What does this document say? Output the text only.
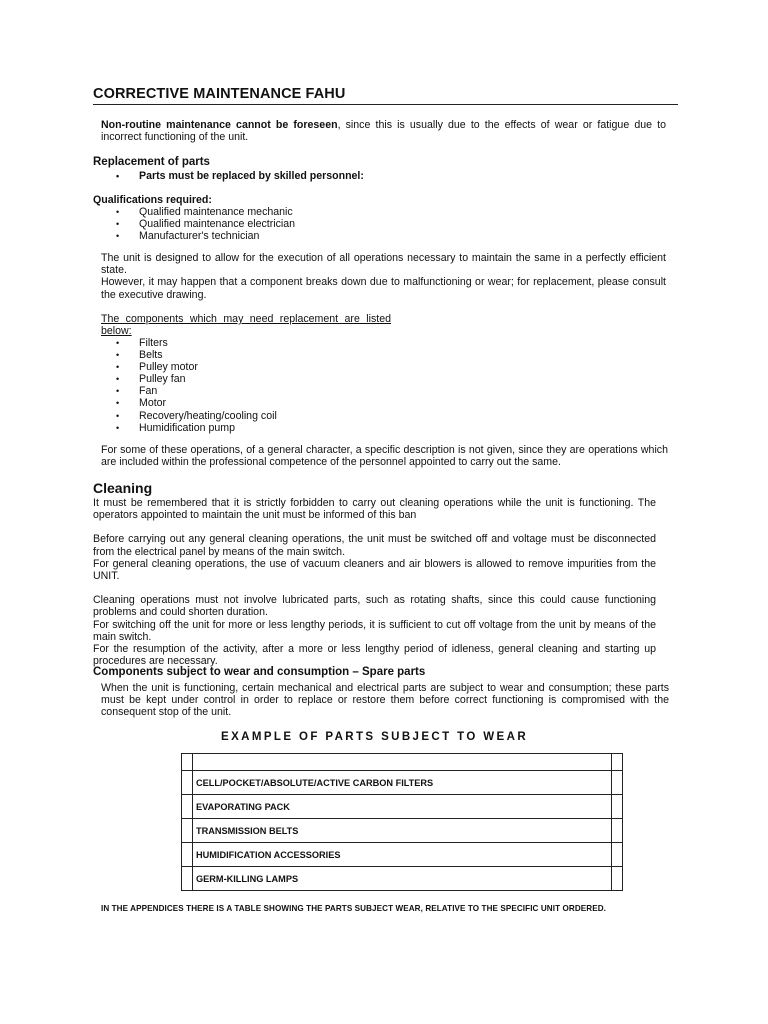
CORRECTIVE MAINTENANCE FAHU

Non-routine maintenance cannot be foreseen, since this is usually due to the effects of wear or fatigue due to incorrect functioning of the unit.

Replacement of parts
• Parts must be replaced by skilled personnel:
Qualifications required:
• Qualified maintenance mechanic
• Qualified maintenance electrician
• Manufacturer's technician

The unit is designed to allow for the execution of all operations necessary to maintain the same in a perfectly efficient state.

However, it may happen that a component breaks down due to malfunctioning or wear; for replacement, please consult the executive drawing.

The components which may need replacement are listed below:
• Filters
• Belts
• Pulley motor
• Pulley fan
• Fan
• Motor
• Recovery/heating/cooling coil
• Humidification pump
For some of these operations, of a general character, a specific description is not given, since they are operations which are included within the professional competence of the personnel appointed to carry out the same.
Cleaning

It must be remembered that it is strictly forbidden to carry out cleaning operations while the unit is functioning. The operators appointed to maintain the unit must be informed of this ban

Before carrying out any general cleaning operations, the unit must be switched off and voltage must be disconnected from the electrical panel by means of the main switch.

For general cleaning operations, the use of vacuum cleaners and air blowers is allowed to remove impurities from the UNIT.

Cleaning operations must not involve lubricated parts, such as rotating shafts, since this could cause functioning problems and could shorten duration.

For switching off the unit for more or less lengthy periods, it is sufficient to cut off voltage from the unit by means of the main switch.

For the resumption of the activity, after a more or less lengthy period of idleness, general cleaning and starting up procedures are necessary.

Components subject to wear and consumption – Spare parts
When the unit is functioning, certain mechanical and electrical parts are subject to wear and consumption; these parts must be kept under control in order to replace or restore them before correct functioning is compromised with the consequent stop of the unit.
EXAMPLE OF PARTS SUBJECT TO WEAR

	CELL/POCKET/ABSOLUTE/ACTIVE CARBON FILTERS	
	EVAPORATING PACK	
	TRANSMISSION BELTS	
	HUMIDIFICATION ACCESSORIES	
	GERM-KILLING LAMPS	
IN THE APPENDICES THERE IS A TABLE SHOWING THE PARTS SUBJECT WEAR, RELATIVE TO THE SPECIFIC UNIT ORDERED.
